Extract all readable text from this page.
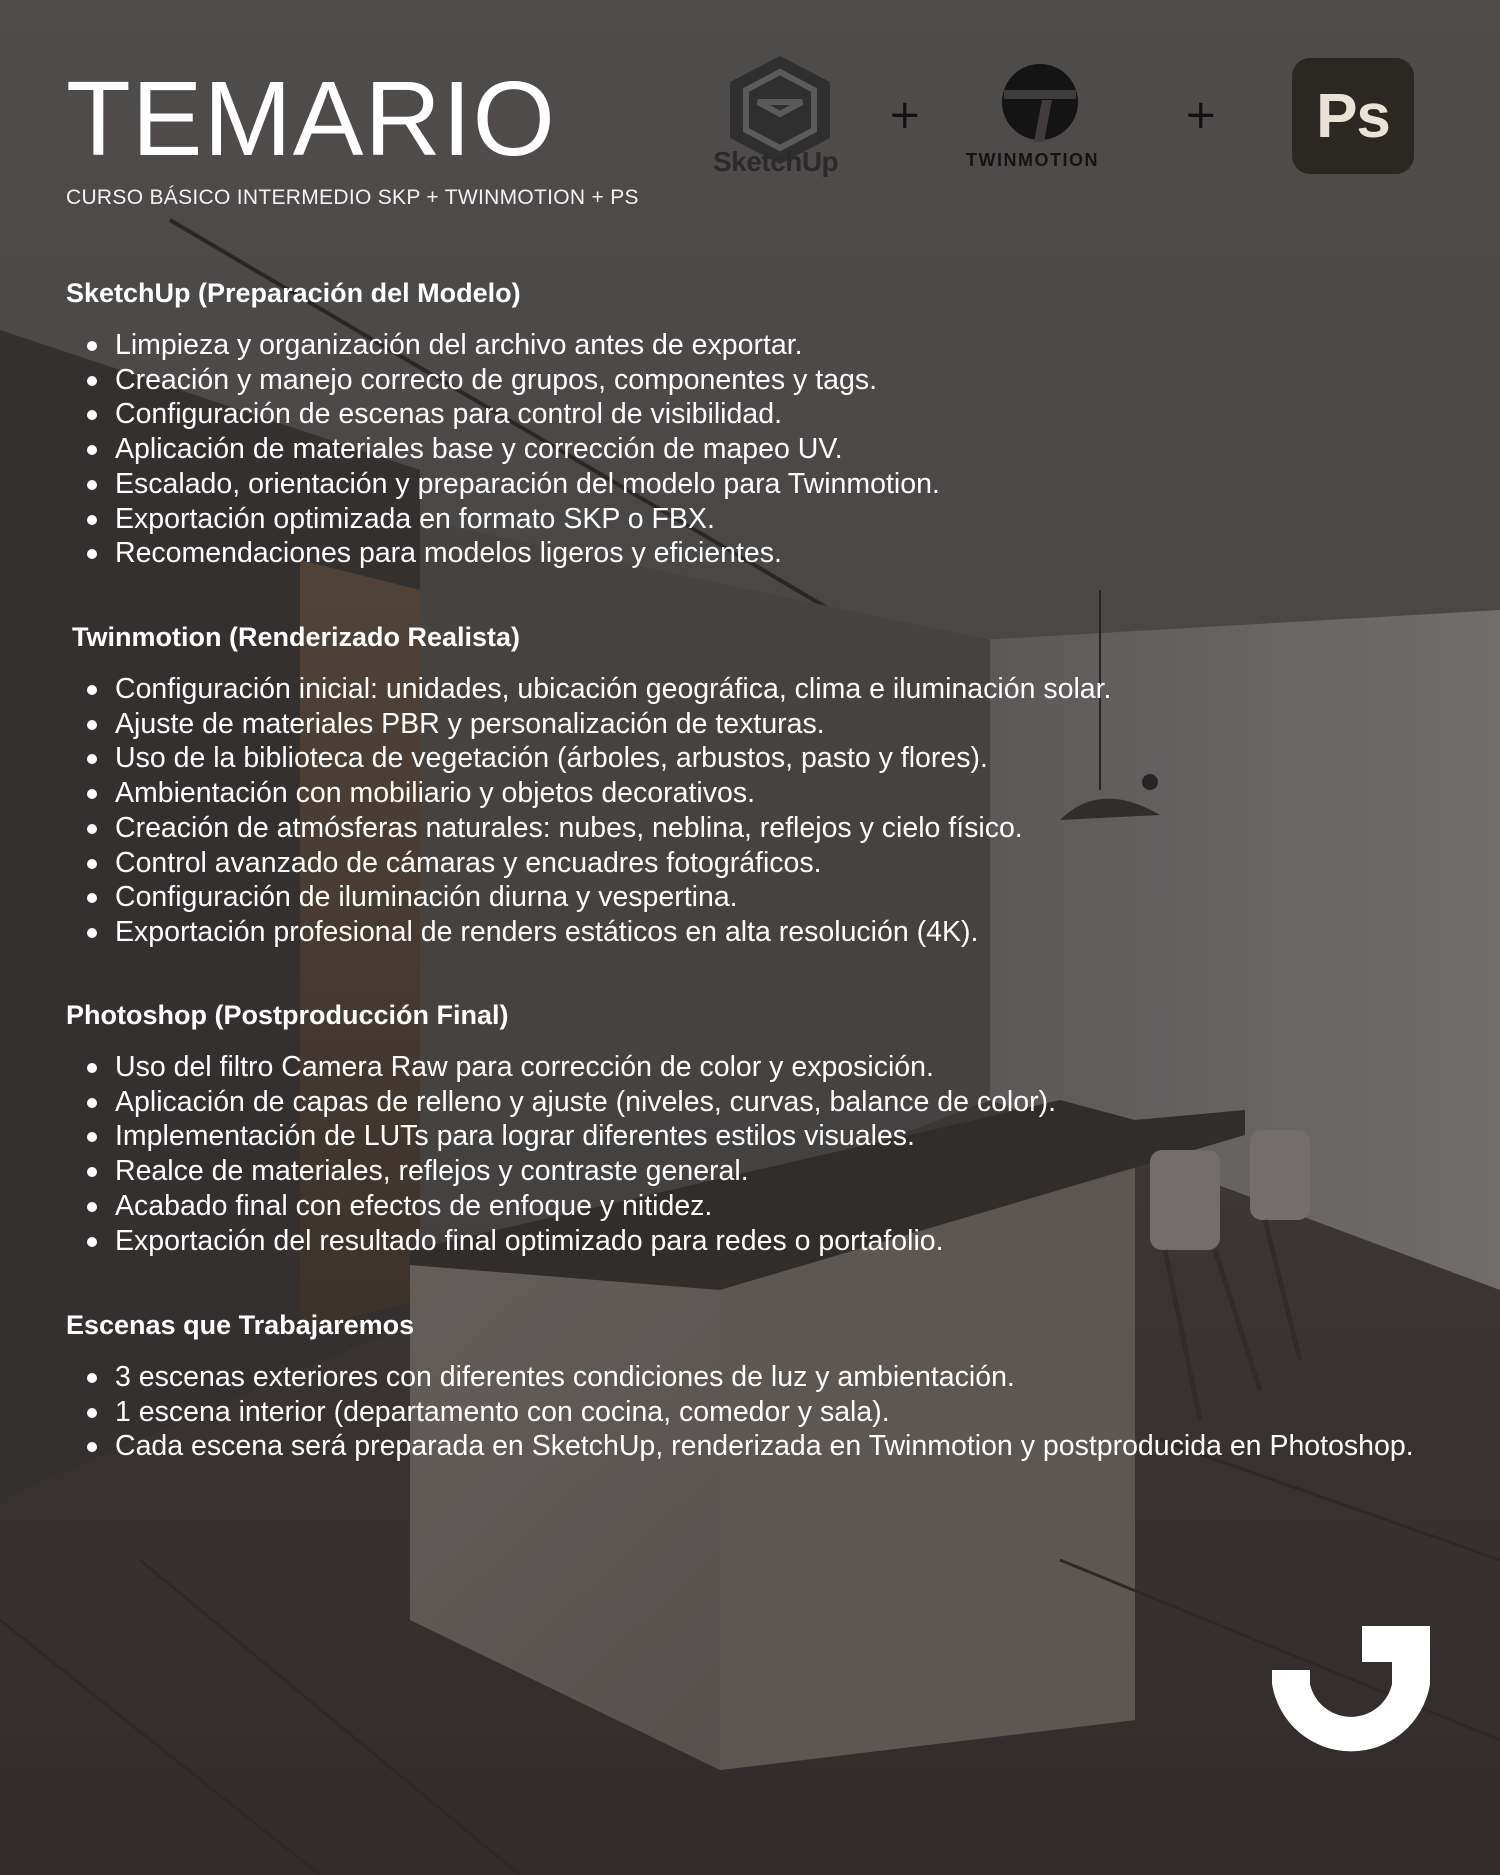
TEMARIO
CURSO BÁSICO INTERMEDIO SKP + TWINMOTION + PS
SketchUp
+
TWINMOTION
+ Ps
SketchUp (Preparación del Modelo)
Limpieza y organización del archivo antes de exportar.
Creación y manejo correcto de grupos, componentes y tags.
Configuración de escenas para control de visibilidad.
Aplicación de materiales base y corrección de mapeo UV.
Escalado, orientación y preparación del modelo para Twinmotion.
Exportación optimizada en formato SKP o FBX.
Recomendaciones para modelos ligeros y eficientes.
Twinmotion (Renderizado Realista)
Configuración inicial: unidades, ubicación geográfica, clima e iluminación solar.
Ajuste de materiales PBR y personalización de texturas.
Uso de la biblioteca de vegetación (árboles, arbustos, pasto y flores).
Ambientación con mobiliario y objetos decorativos.
Creación de atmósferas naturales: nubes, neblina, reflejos y cielo físico.
Control avanzado de cámaras y encuadres fotográficos.
Configuración de iluminación diurna y vespertina.
Exportación profesional de renders estáticos en alta resolución (4K).
Photoshop (Postproducción Final)
Uso del filtro Camera Raw para corrección de color y exposición.
Aplicación de capas de relleno y ajuste (niveles, curvas, balance de color).
Implementación de LUTs para lograr diferentes estilos visuales.
Realce de materiales, reflejos y contraste general.
Acabado final con efectos de enfoque y nitidez.
Exportación del resultado final optimizado para redes o portafolio.
Escenas que Trabajaremos
3 escenas exteriores con diferentes condiciones de luz y ambientación.
1 escena interior (departamento con cocina, comedor y sala).
Cada escena será preparada en SketchUp, renderizada en Twinmotion y postproducida en Photoshop.
